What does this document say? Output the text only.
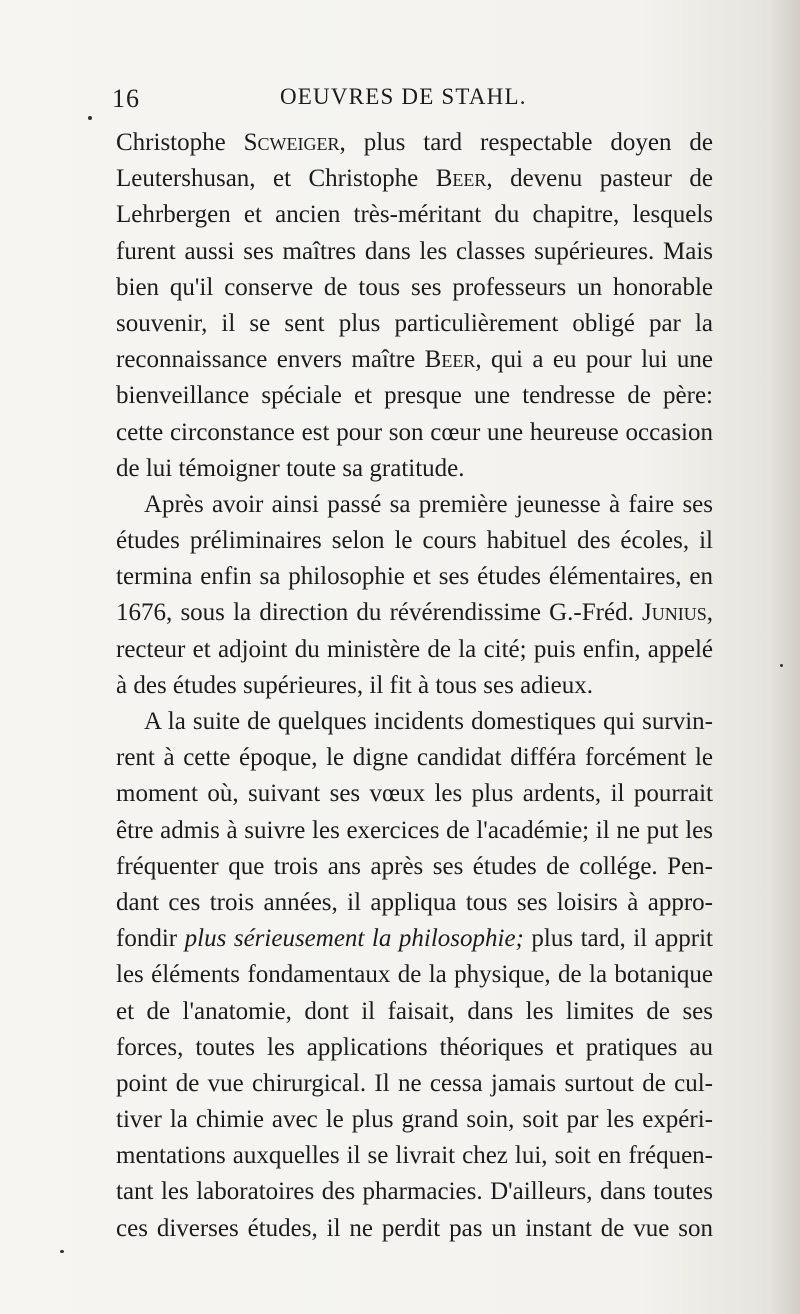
16	OEUVRES DE STAHL.

Christophe Scweiger, plus tard respectable doyen de
Leutershusan, et Christophe Beer, devenu pasteur de
Lehrbergen et ancien très-méritant du chapitre, lesquels
furent aussi ses maîtres dans les classes supérieures. Mais
bien qu'il conserve de tous ses professeurs un honorable
souvenir, il se sent plus particulièrement obligé par la
reconnaissance envers maître Beer, qui a eu pour lui une
bienveillance spéciale et presque une tendresse de père:
cette circonstance est pour son cœur une heureuse occasion
de lui témoigner toute sa gratitude.

Après avoir ainsi passé sa première jeunesse à faire ses
études préliminaires selon le cours habituel des écoles, il
termina enfin sa philosophie et ses études élémentaires, en
1676, sous la direction du révérendissime G.-Fréd. Junius,
recteur et adjoint du ministère de la cité; puis enfin, appelé
à des études supérieures, il fit à tous ses adieux.

A la suite de quelques incidents domestiques qui survin-
rent à cette époque, le digne candidat différa forcément le
moment où, suivant ses vœux les plus ardents, il pourrait
être admis à suivre les exercices de l'académie; il ne put les
fréquenter que trois ans après ses études de collége. Pen-
dant ces trois années, il appliqua tous ses loisirs à appro-
fondir plus sérieusement la philosophie; plus tard, il apprit
les éléments fondamentaux de la physique, de la botanique
et de l'anatomie, dont il faisait, dans les limites de ses
forces, toutes les applications théoriques et pratiques au
point de vue chirurgical. Il ne cessa jamais surtout de cul-
tiver la chimie avec le plus grand soin, soit par les expéri-
mentations auxquelles il se livrait chez lui, soit en fréquen-
tant les laboratoires des pharmacies. D'ailleurs, dans toutes
ces diverses études, il ne perdit pas un instant de vue son
